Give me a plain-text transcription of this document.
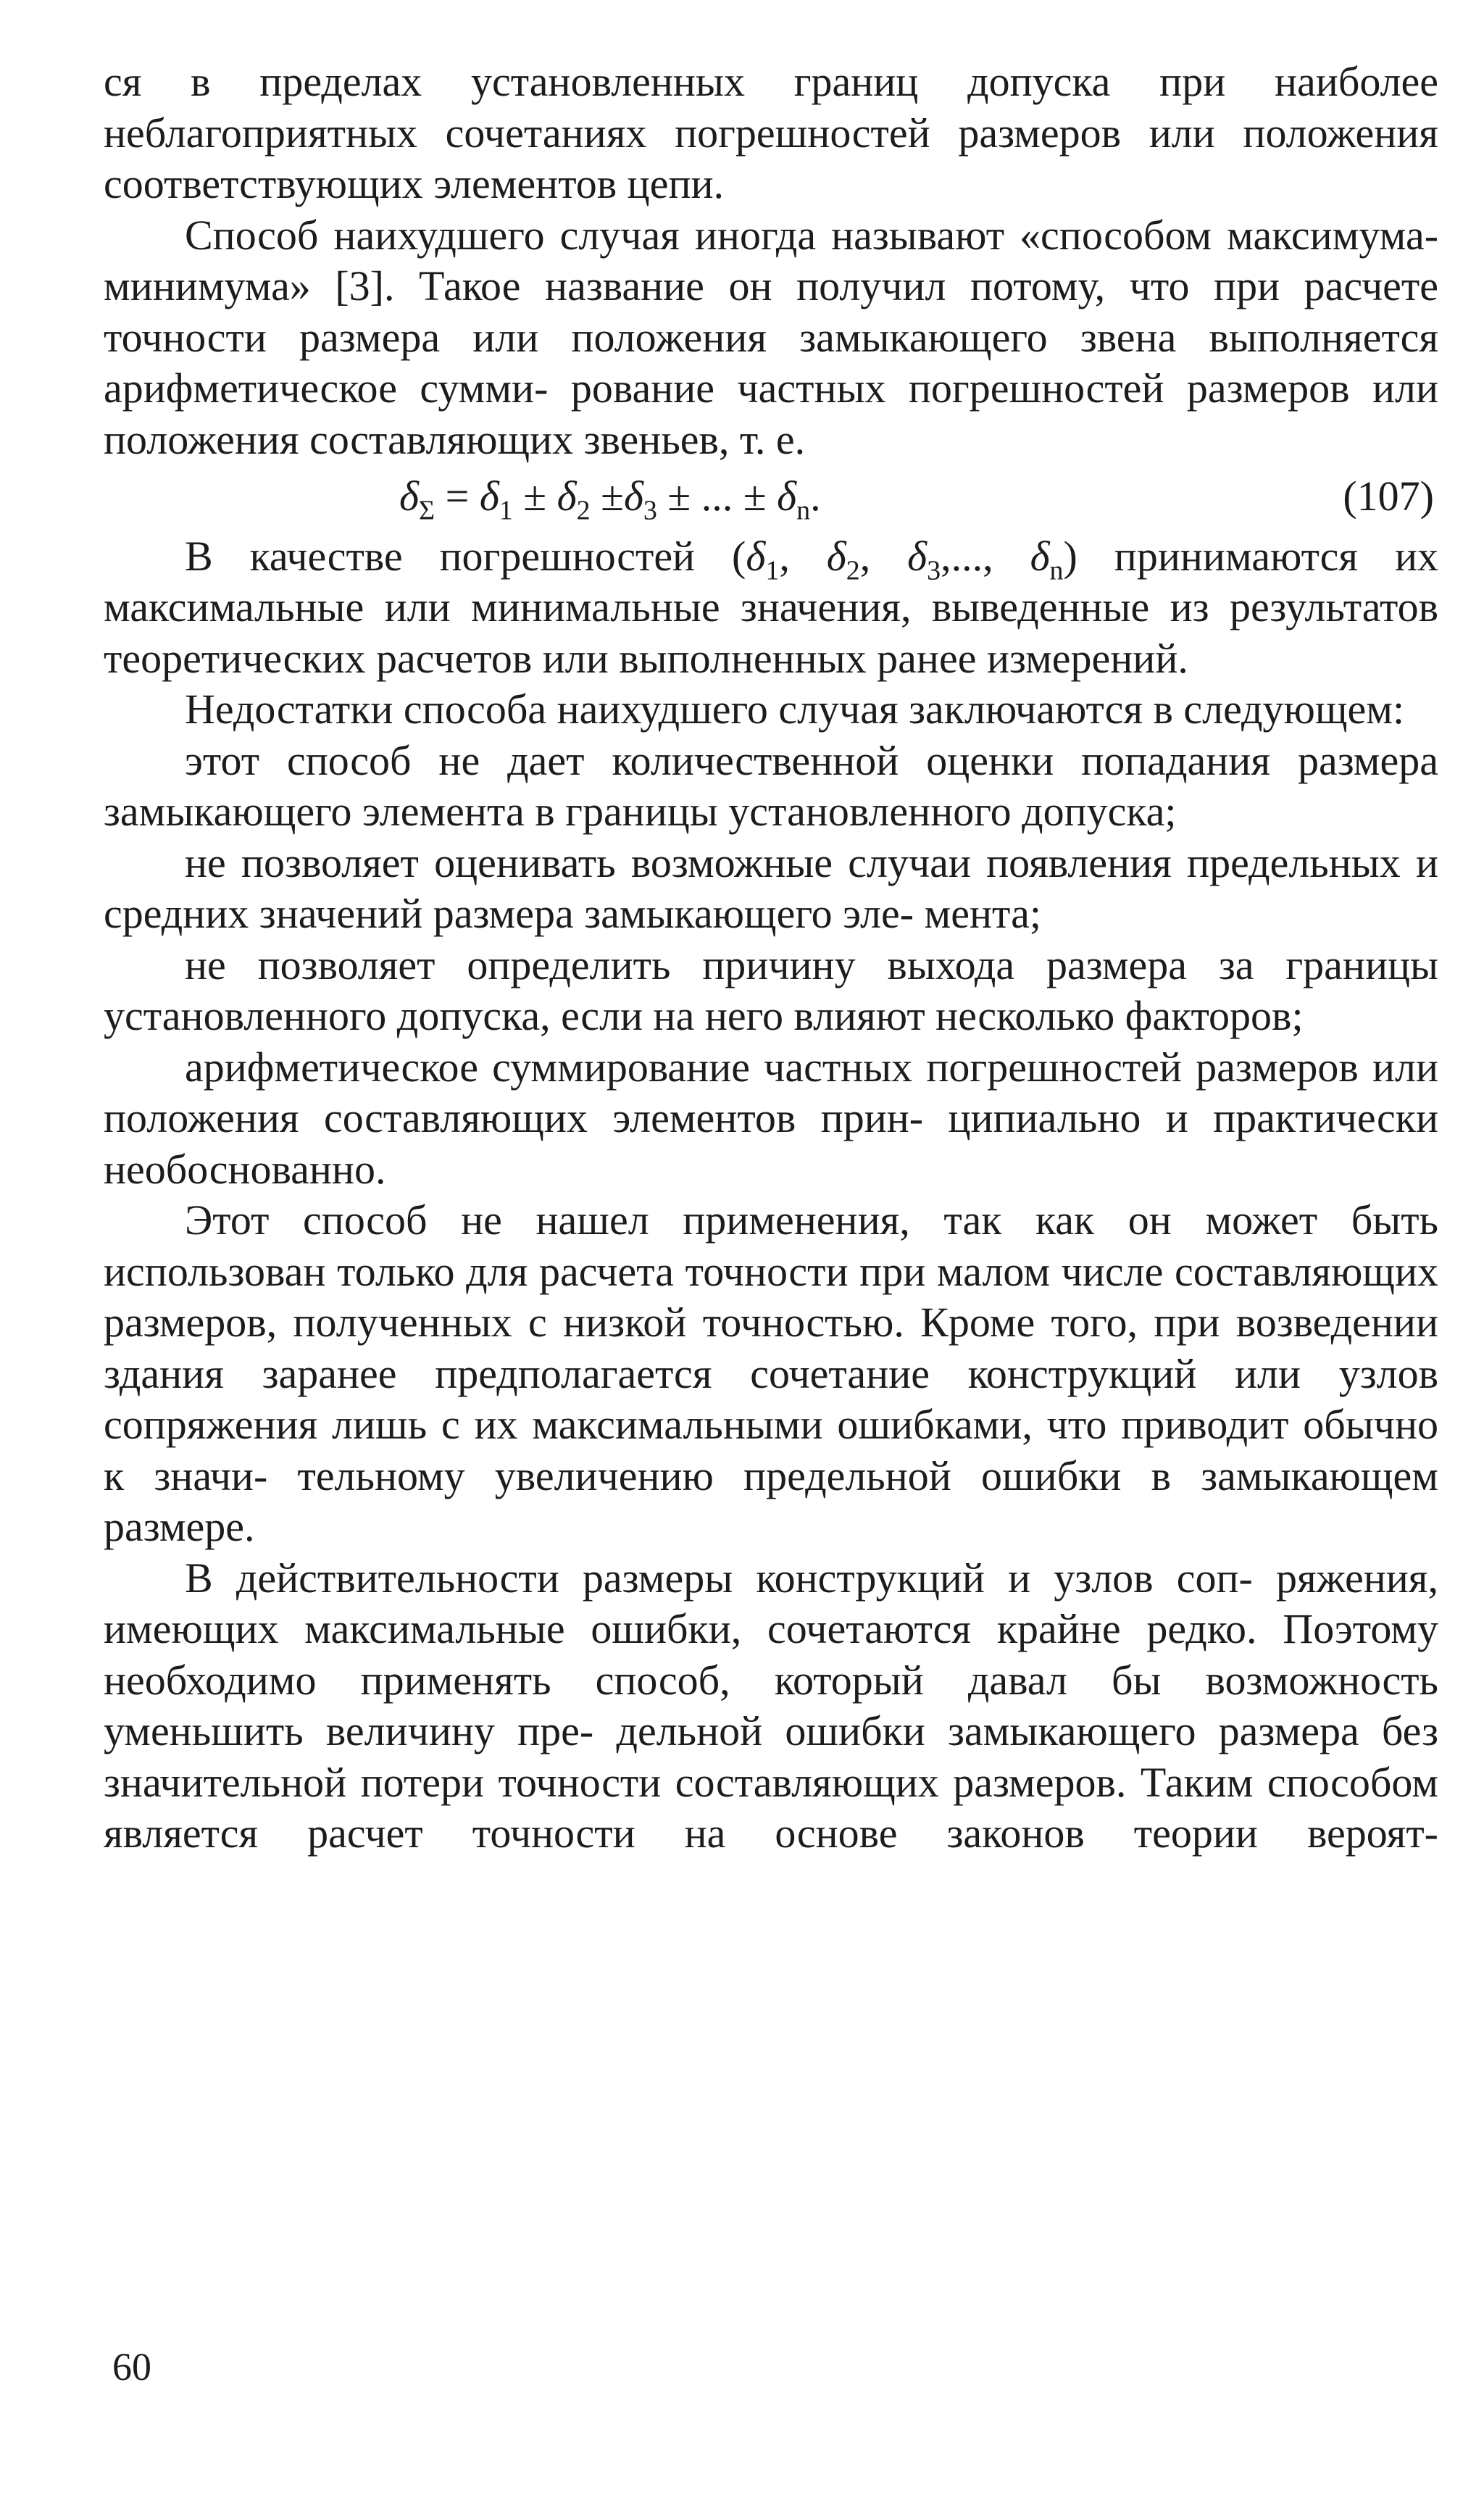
ся в пределах установленных границ допуска при наиболее неблагоприятных сочетаниях погрешностей размеров или положения соответствующих элементов цепи.

Способ наихудшего случая иногда называют «способом максимума-минимума» [3]. Такое название он получил потому, что при расчете точности размера или положения замыкающего звена выполняется арифметическое сумми- рование частных погрешностей размеров или положения составляющих звеньев, т. е.

$\delta_\Sigma = \delta_1 \pm \delta_2 \pm\delta_3$ ± ... ± $\delta_n$.	(107)

В качестве погрешностей ($\delta_1$, $\delta_2$, $\delta_3$,..., $\delta_n$) принимаются их максимальные или минимальные значения, выведенные из результатов теоретических расчетов или выполненных ранее измерений.

Недостатки способа наихудшего случая заключаются в следующем:

этот способ не дает количественной оценки попадания размера замыкающего элемента в границы установленного допуска;

не позволяет оценивать возможные случаи появления предельных и средних значений размера замыкающего эле- мента;

не позволяет определить причину выхода размера за границы установленного допуска, если на него влияют несколько факторов;

арифметическое суммирование частных погрешностей размеров или положения составляющих элементов прин- ципиально и практически необоснованно.

Этот способ не нашел применения, так как он может быть использован только для расчета точности при малом числе составляющих размеров, полученных с низкой точностью. Кроме того, при возведении здания заранее предполагается сочетание конструкций или узлов сопряжения лишь с их максимальными ошибками, что приводит обычно к значи- тельному увеличению предельной ошибки в замыкающем размере.

В действительности размеры конструкций и узлов соп- ряжения, имеющих максимальные ошибки, сочетаются крайне редко. Поэтому необходимо применять способ, который давал бы возможность уменьшить величину пре- дельной ошибки замыкающего размера без значительной потери точности составляющих размеров. Таким способом является расчет точности на основе законов теории вероят-

60
